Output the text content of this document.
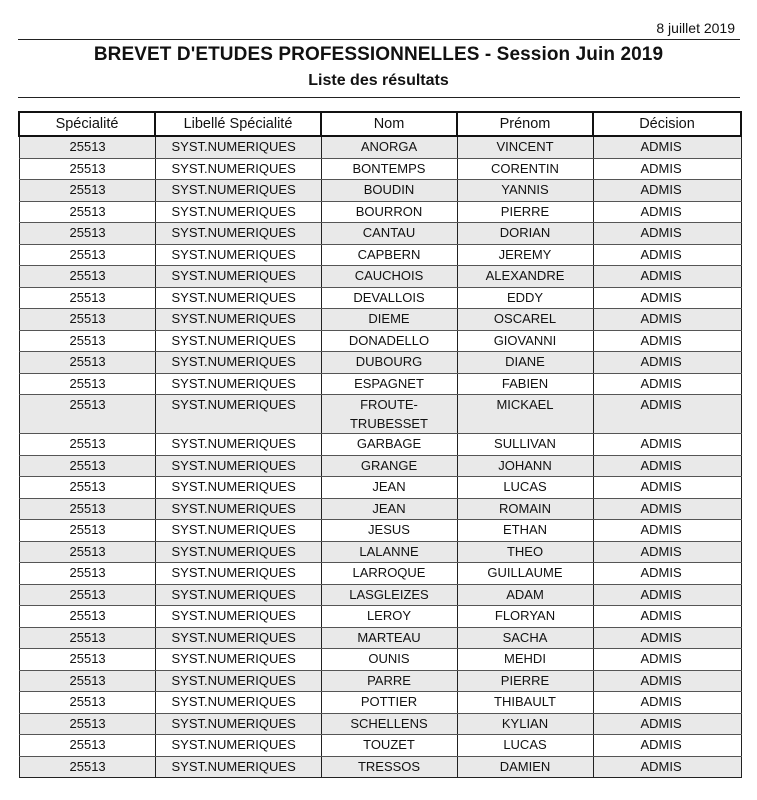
8 juillet 2019
BREVET D'ETUDES PROFESSIONNELLES - Session Juin 2019
Liste des résultats
Spécialité	Libellé Spécialité	Nom	Prénom	Décision
25513	SYST.NUMERIQUES	ANORGA	VINCENT	ADMIS
25513	SYST.NUMERIQUES	BONTEMPS	CORENTIN	ADMIS
25513	SYST.NUMERIQUES	BOUDIN	YANNIS	ADMIS
25513	SYST.NUMERIQUES	BOURRON	PIERRE	ADMIS
25513	SYST.NUMERIQUES	CANTAU	DORIAN	ADMIS
25513	SYST.NUMERIQUES	CAPBERN	JEREMY	ADMIS
25513	SYST.NUMERIQUES	CAUCHOIS	ALEXANDRE	ADMIS
25513	SYST.NUMERIQUES	DEVALLOIS	EDDY	ADMIS
25513	SYST.NUMERIQUES	DIEME	OSCAREL	ADMIS
25513	SYST.NUMERIQUES	DONADELLO	GIOVANNI	ADMIS
25513	SYST.NUMERIQUES	DUBOURG	DIANE	ADMIS
25513	SYST.NUMERIQUES	ESPAGNET	FABIEN	ADMIS
25513	SYST.NUMERIQUES	FROUTE-
TRUBESSET	MICKAEL	ADMIS
25513	SYST.NUMERIQUES	GARBAGE	SULLIVAN	ADMIS
25513	SYST.NUMERIQUES	GRANGE	JOHANN	ADMIS
25513	SYST.NUMERIQUES	JEAN	LUCAS	ADMIS
25513	SYST.NUMERIQUES	JEAN	ROMAIN	ADMIS
25513	SYST.NUMERIQUES	JESUS	ETHAN	ADMIS
25513	SYST.NUMERIQUES	LALANNE	THEO	ADMIS
25513	SYST.NUMERIQUES	LARROQUE	GUILLAUME	ADMIS
25513	SYST.NUMERIQUES	LASGLEIZES	ADAM	ADMIS
25513	SYST.NUMERIQUES	LEROY	FLORYAN	ADMIS
25513	SYST.NUMERIQUES	MARTEAU	SACHA	ADMIS
25513	SYST.NUMERIQUES	OUNIS	MEHDI	ADMIS
25513	SYST.NUMERIQUES	PARRE	PIERRE	ADMIS
25513	SYST.NUMERIQUES	POTTIER	THIBAULT	ADMIS
25513	SYST.NUMERIQUES	SCHELLENS	KYLIAN	ADMIS
25513	SYST.NUMERIQUES	TOUZET	LUCAS	ADMIS
25513	SYST.NUMERIQUES	TRESSOS	DAMIEN	ADMIS
